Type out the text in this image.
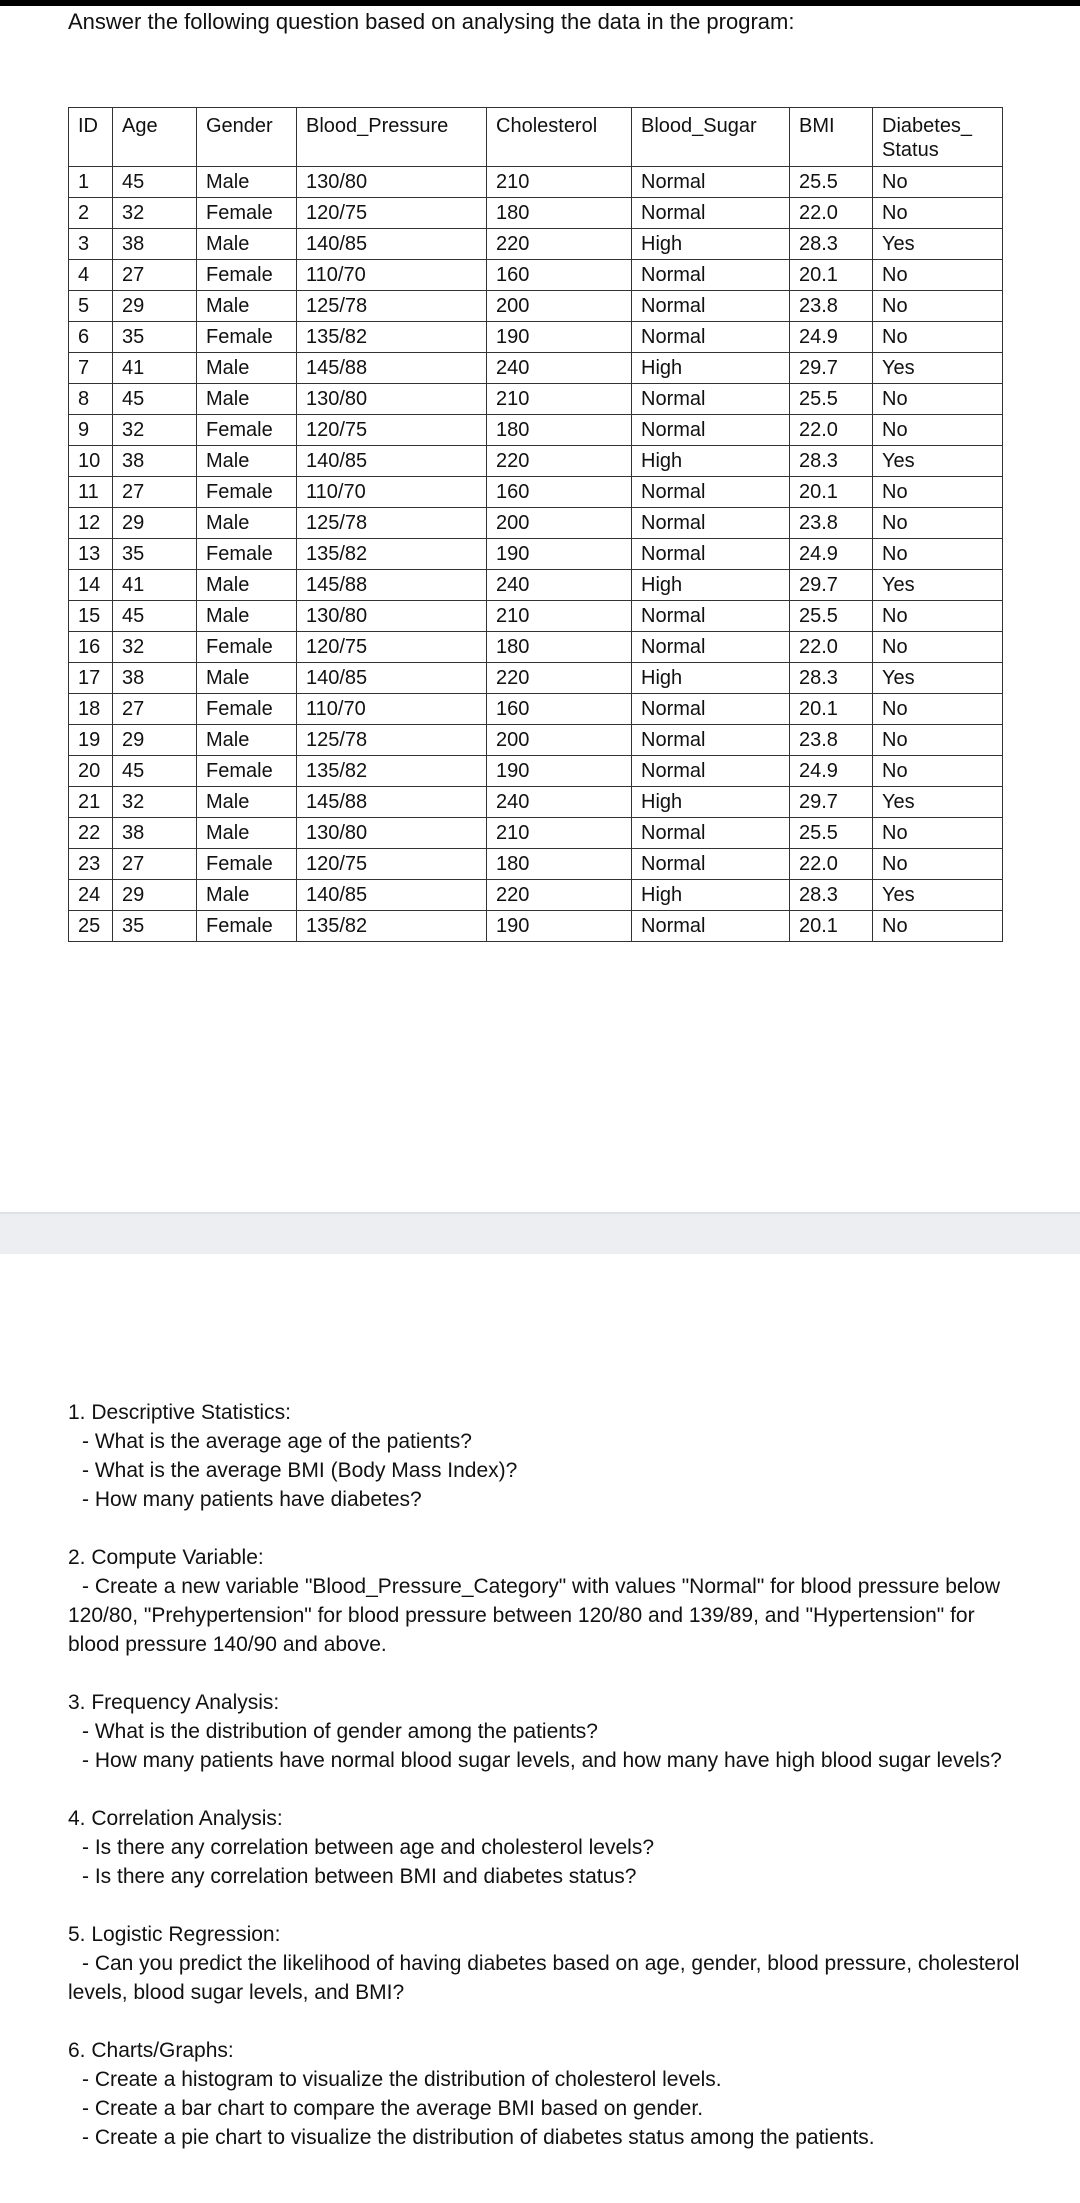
Answer the following question based on analysing the data in the program:
ID	Age	Gender	Blood_Pressure	Cholesterol	Blood_Sugar	BMI	Diabetes_
Status

1	45	Male	130/80	210	Normal	25.5	No
2	32	Female	120/75	180	Normal	22.0	No
3	38	Male	140/85	220	High	28.3	Yes
4	27	Female	110/70	160	Normal	20.1	No
5	29	Male	125/78	200	Normal	23.8	No
6	35	Female	135/82	190	Normal	24.9	No
7	41	Male	145/88	240	High	29.7	Yes
8	45	Male	130/80	210	Normal	25.5	No
9	32	Female	120/75	180	Normal	22.0	No
10	38	Male	140/85	220	High	28.3	Yes
11	27	Female	110/70	160	Normal	20.1	No
12	29	Male	125/78	200	Normal	23.8	No
13	35	Female	135/82	190	Normal	24.9	No
14	41	Male	145/88	240	High	29.7	Yes
15	45	Male	130/80	210	Normal	25.5	No
16	32	Female	120/75	180	Normal	22.0	No
17	38	Male	140/85	220	High	28.3	Yes
18	27	Female	110/70	160	Normal	20.1	No
19	29	Male	125/78	200	Normal	23.8	No
20	45	Female	135/82	190	Normal	24.9	No
21	32	Male	145/88	240	High	29.7	Yes
22	38	Male	130/80	210	Normal	25.5	No
23	27	Female	120/75	180	Normal	22.0	No
24	29	Male	140/85	220	High	28.3	Yes
25	35	Female	135/82	190	Normal	20.1	No
1. Descriptive Statistics:
- What is the average age of the patients?
- What is the average BMI (Body Mass Index)?
- How many patients have diabetes?
2. Compute Variable:
- Create a new variable "Blood_Pressure_Category" with values "Normal" for blood pressure below 120/80, "Prehypertension" for blood pressure between 120/80 and 139/89, and "Hypertension" for blood pressure 140/90 and above.
3. Frequency Analysis:
- What is the distribution of gender among the patients?
- How many patients have normal blood sugar levels, and how many have high blood sugar levels?
4. Correlation Analysis:
- Is there any correlation between age and cholesterol levels?
- Is there any correlation between BMI and diabetes status?
5. Logistic Regression:
- Can you predict the likelihood of having diabetes based on age, gender, blood pressure, cholesterol levels, blood sugar levels, and BMI?
6. Charts/Graphs:
- Create a histogram to visualize the distribution of cholesterol levels.
- Create a bar chart to compare the average BMI based on gender.
- Create a pie chart to visualize the distribution of diabetes status among the patients.
